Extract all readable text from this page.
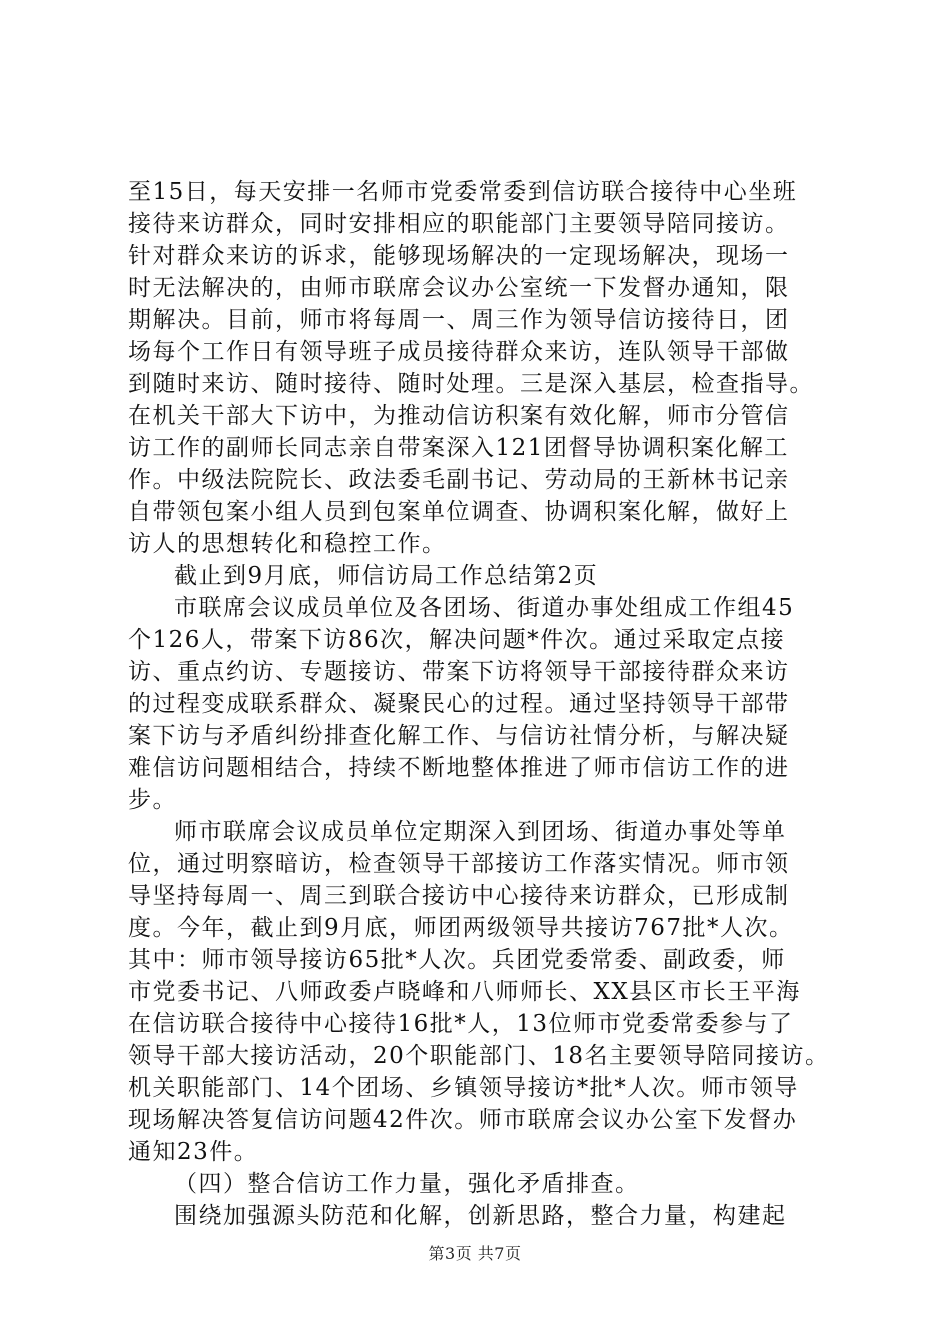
至15日，每天安排一名师市党委常委到信访联合接待中心坐班
接待来访群众，同时安排相应的职能部门主要领导陪同接访。
针对群众来访的诉求，能够现场解决的一定现场解决，现场一
时无法解决的，由师市联席会议办公室统一下发督办通知，限
期解决。目前，师市将每周一、周三作为领导信访接待日，团
场每个工作日有领导班子成员接待群众来访，连队领导干部做
到随时来访、随时接待、随时处理。三是深入基层，检查指导。
在机关干部大下访中，为推动信访积案有效化解，师市分管信
访工作的副师长同志亲自带案深入121团督导协调积案化解工
作。中级法院院长、政法委毛副书记、劳动局的王新林书记亲
自带领包案小组人员到包案单位调查、协调积案化解，做好上
访人的思想转化和稳控工作。
截止到9月底，师信访局工作总结第2页
市联席会议成员单位及各团场、街道办事处组成工作组45
个126人，带案下访86次，解决问题*件次。通过采取定点接
访、重点约访、专题接访、带案下访将领导干部接待群众来访
的过程变成联系群众、凝聚民心的过程。通过坚持领导干部带
案下访与矛盾纠纷排查化解工作、与信访社情分析，与解决疑
难信访问题相结合，持续不断地整体推进了师市信访工作的进
步。
师市联席会议成员单位定期深入到团场、街道办事处等单
位，通过明察暗访，检查领导干部接访工作落实情况。师市领
导坚持每周一、周三到联合接访中心接待来访群众，已形成制
度。今年，截止到9月底，师团两级领导共接访767批*人次。
其中：师市领导接访65批*人次。兵团党委常委、副政委，师
市党委书记、八师政委卢晓峰和八师师长、XX县区市长王平海
在信访联合接待中心接待16批*人，13位师市党委常委参与了
领导干部大接访活动，20个职能部门、18名主要领导陪同接访。
机关职能部门、14个团场、乡镇领导接访*批*人次。师市领导
现场解决答复信访问题42件次。师市联席会议办公室下发督办
通知23件。
（四）整合信访工作力量，强化矛盾排查。
围绕加强源头防范和化解，创新思路，整合力量，构建起
第3页 共7页
